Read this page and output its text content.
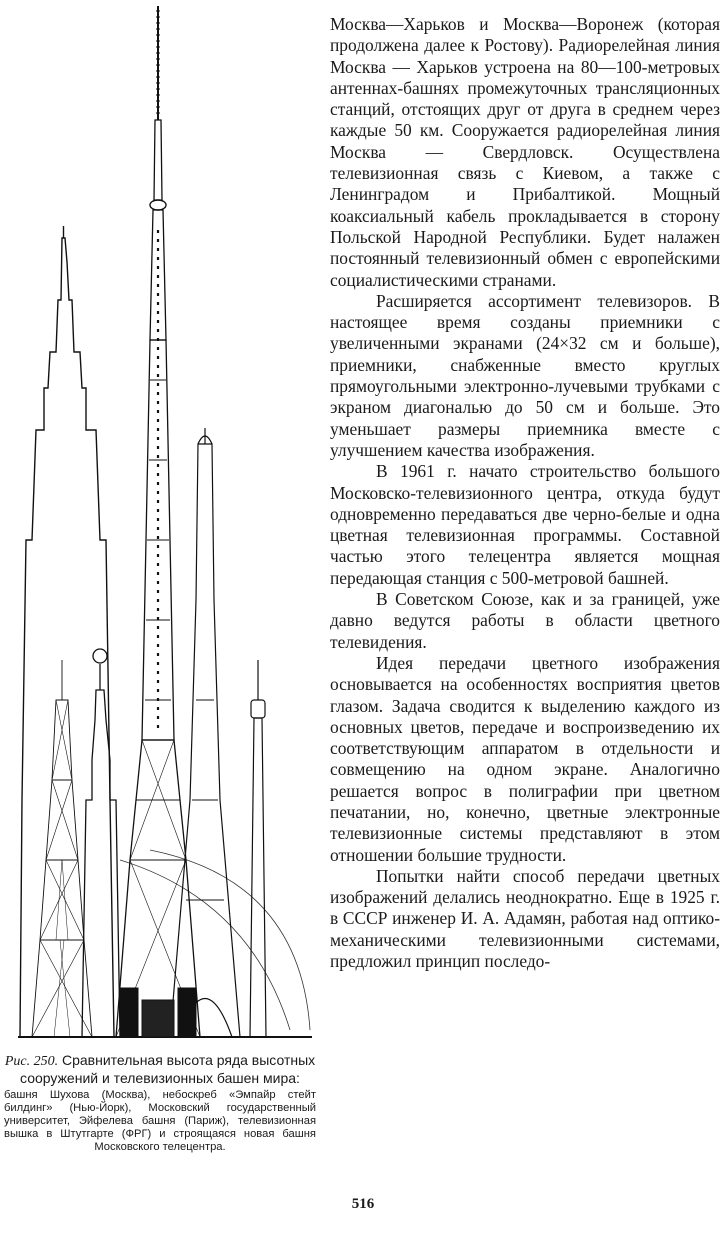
Рис. 250. Сравнительная высота ряда высотных сооружений и телевизионных башен мира:
башня Шухова (Москва), небоскреб «Эмпайр стейт билдинг» (Нью-Йорк), Московский государственный университет, Эйфелева башня (Париж), телевизионная вышка в Штутгарте (ФРГ) и строящаяся новая башня Московского телецентра.

Москва—Харьков и Москва—Воронеж (которая продолжена далее к Ростову). Радиорелейная линия Москва — Харьков устроена на 80—100-метровых антеннах-башнях промежуточных трансляционных станций, отстоящих друг от друга в среднем через каждые 50 км. Сооружается радиорелейная линия Москва — Свердловск. Осуществлена телевизионная связь с Киевом, а также с Ленинградом и Прибалтикой. Мощный коаксиальный кабель прокладывается в сторону Польской Народной Республики. Будет налажен постоянный телевизионный обмен с европейскими социалистическими странами.

Расширяется ассортимент телевизоров. В настоящее время созданы приемники с увеличенными экранами (24×32 см и больше), приемники, снабженные вместо круглых прямоугольными электронно-лучевыми трубками с экраном диагональю до 50 см и больше. Это уменьшает размеры приемника вместе с улучшением качества изображения.

В 1961 г. начато строительство большого Московско-телевизионного центра, откуда будут одновременно передаваться две черно-белые и одна цветная телевизионная программы. Составной частью этого телецентра является мощная передающая станция с 500-метровой башней.

В Советском Союзе, как и за границей, уже давно ведутся работы в области цветного телевидения.

Идея передачи цветного изображения основывается на особенностях восприятия цветов глазом. Задача сводится к выделению каждого из основных цветов, передаче и воспроизведению их соответствующим аппаратом в отдельности и совмещению на одном экране. Аналогично решается вопрос в полиграфии при цветном печатании, но, конечно, цветные электронные телевизионные системы представляют в этом отношении большие трудности.

Попытки найти способ передачи цветных изображений делались неоднократно. Еще в 1925 г. в СССР инженер И. А. Адамян, работая над оптико-механическими телевизионными системами, предложил принцип последо-

516
